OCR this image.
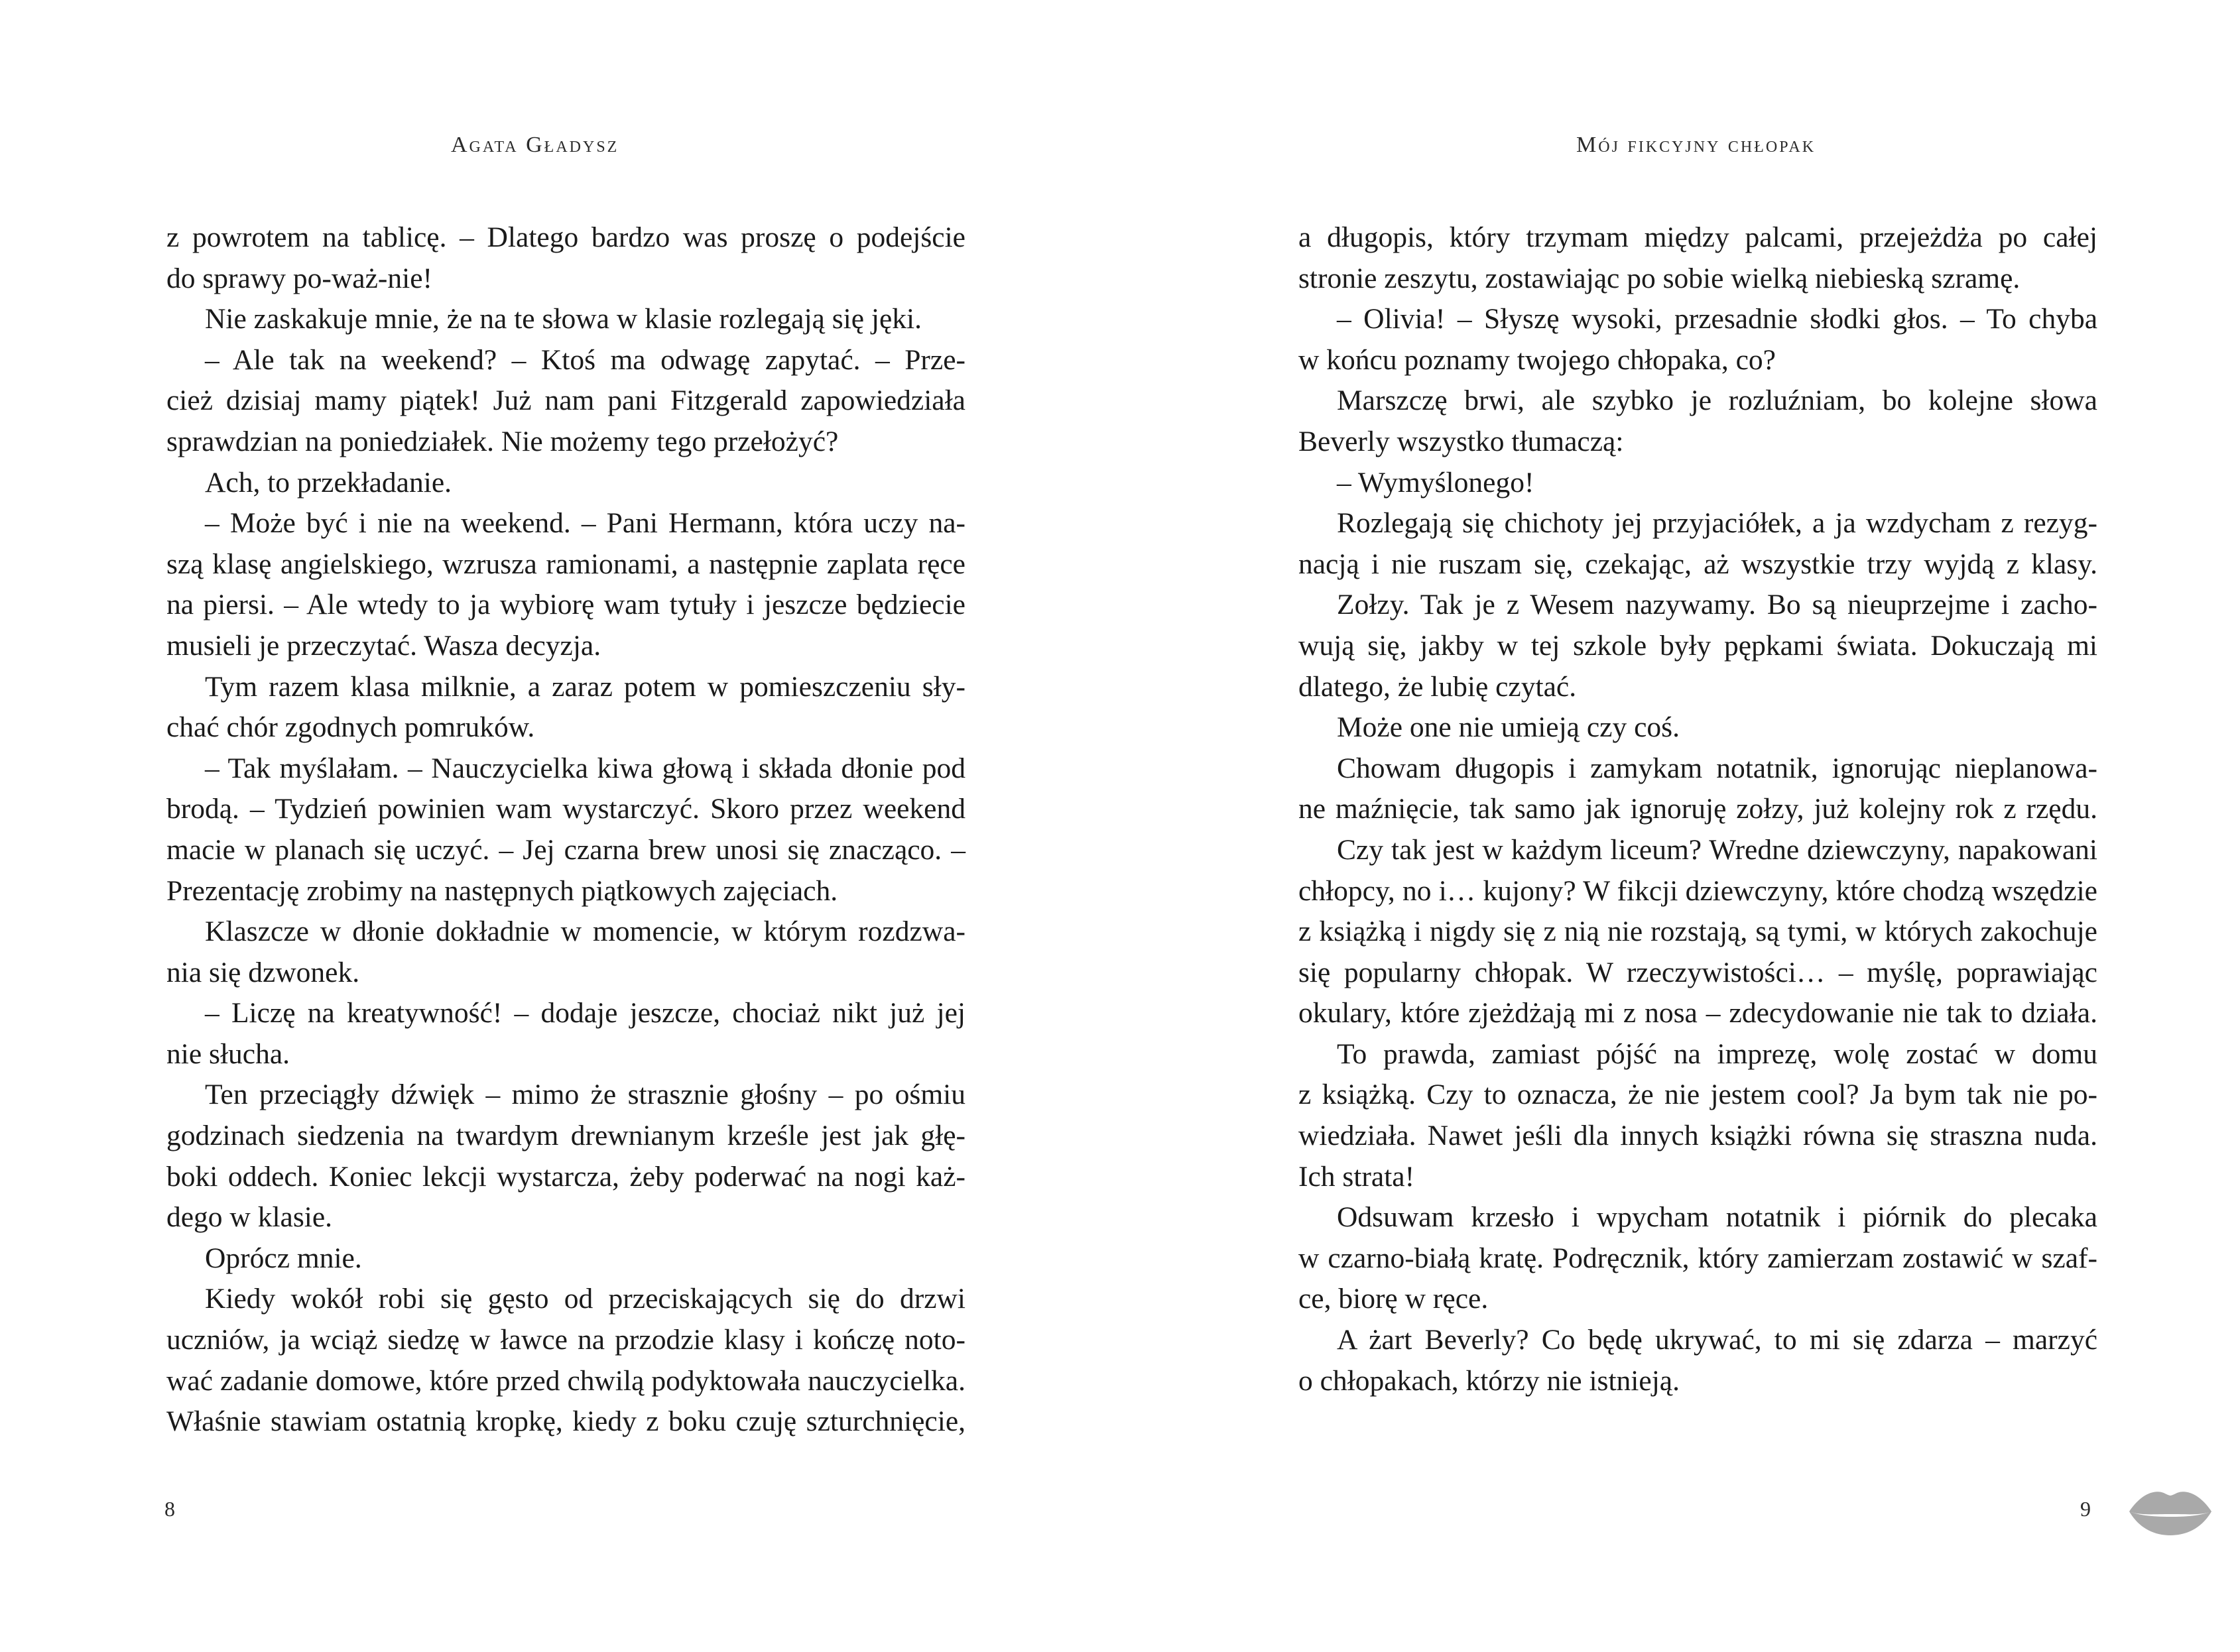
Agata Gładysz
z powrotem na tablicę. – Dlatego bardzo was proszę o podejście
do sprawy po-waż-nie!
Nie zaskakuje mnie, że na te słowa w klasie rozlegają się jęki.
– Ale tak na weekend? – Ktoś ma odwagę zapytać. – Prze-
cież dzisiaj mamy piątek! Już nam pani Fitzgerald zapowiedziała
sprawdzian na poniedziałek. Nie możemy tego przełożyć?
Ach, to przekładanie.
– Może być i nie na weekend. – Pani Hermann, która uczy na-
szą klasę angielskiego, wzrusza ramionami, a następnie zaplata ręce
na piersi. – Ale wtedy to ja wybiorę wam tytuły i jeszcze będziecie
musieli je przeczytać. Wasza decyzja.
Tym razem klasa milknie, a zaraz potem w pomieszczeniu sły-
chać chór zgodnych pomruków.
– Tak myślałam. – Nauczycielka kiwa głową i składa dłonie pod
brodą. – Tydzień powinien wam wystarczyć. Skoro przez weekend
macie w planach się uczyć. – Jej czarna brew unosi się znacząco. –
Prezentację zrobimy na następnych piątkowych zajęciach.
Klaszcze w dłonie dokładnie w momencie, w którym rozdzwa-
nia się dzwonek.
– Liczę na kreatywność! – dodaje jeszcze, chociaż nikt już jej
nie słucha.
Ten przeciągły dźwięk – mimo że strasznie głośny – po ośmiu
godzinach siedzenia na twardym drewnianym krześle jest jak głę-
boki oddech. Koniec lekcji wystarcza, żeby poderwać na nogi każ-
dego w klasie.
Oprócz mnie.
Kiedy wokół robi się gęsto od przeciskających się do drzwi
uczniów, ja wciąż siedzę w ławce na przodzie klasy i kończę noto-
wać zadanie domowe, które przed chwilą podyktowała nauczycielka.
Właśnie stawiam ostatnią kropkę, kiedy z boku czuję szturchnięcie,
8
Mój fikcyjny chłopak
a długopis, który trzymam między palcami, przejeżdża po całej
stronie zeszytu, zostawiając po sobie wielką niebieską szramę.
– Olivia! – Słyszę wysoki, przesadnie słodki głos. – To chyba
w końcu poznamy twojego chłopaka, co?
Marszczę brwi, ale szybko je rozluźniam, bo kolejne słowa
Beverly wszystko tłumaczą:
– Wymyślonego!
Rozlegają się chichoty jej przyjaciółek, a ja wzdycham z rezyg-
nacją i nie ruszam się, czekając, aż wszystkie trzy wyjdą z klasy.
Zołzy. Tak je z Wesem nazywamy. Bo są nieuprzejme i zacho-
wują się, jakby w tej szkole były pępkami świata. Dokuczają mi
dlatego, że lubię czytać.
Może one nie umieją czy coś.
Chowam długopis i zamykam notatnik, ignorując nieplanowa-
ne maźnięcie, tak samo jak ignoruję zołzy, już kolejny rok z rzędu.
Czy tak jest w każdym liceum? Wredne dziewczyny, napakowani
chłopcy, no i… kujony? W fikcji dziewczyny, które chodzą wszędzie
z książką i nigdy się z nią nie rozstają, są tymi, w których zakochuje
się popularny chłopak. W rzeczywistości… – myślę, poprawiając
okulary, które zjeżdżają mi z nosa – zdecydowanie nie tak to działa.
To prawda, zamiast pójść na imprezę, wolę zostać w domu
z książką. Czy to oznacza, że nie jestem cool? Ja bym tak nie po-
wiedziała. Nawet jeśli dla innych książki równa się straszna nuda.
Ich strata!
Odsuwam krzesło i wpycham notatnik i piórnik do plecaka
w czarno-białą kratę. Podręcznik, który zamierzam zostawić w szaf-
ce, biorę w ręce.
A żart Beverly? Co będę ukrywać, to mi się zdarza – marzyć
o chłopakach, którzy nie istnieją.
9
